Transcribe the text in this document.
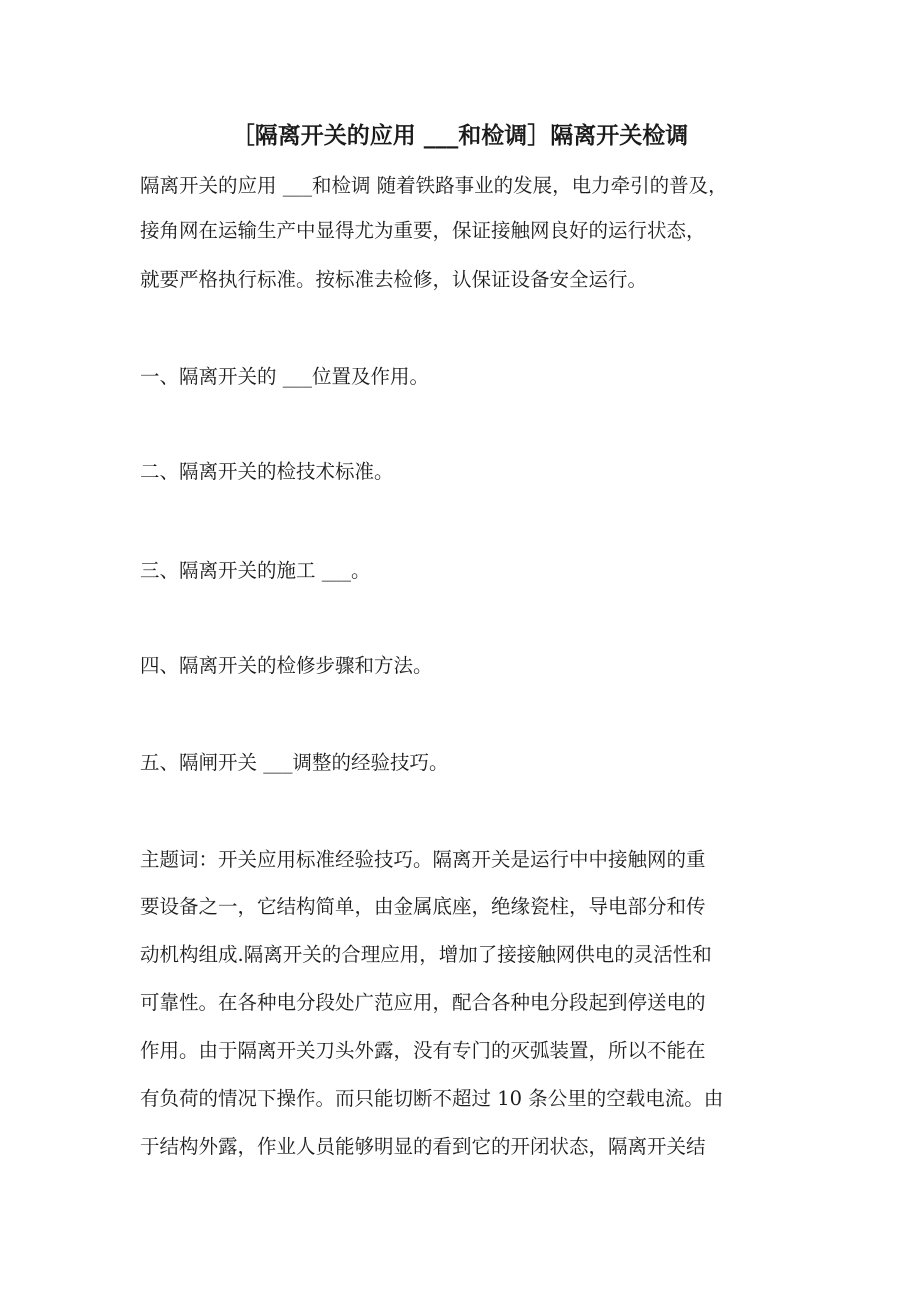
［隔离开关的应用 ___和检调］隔离开关检调
隔离开关的应用 ___和检调 随着铁路事业的发展，电力牵引的普及，
接角网在运输生产中显得尤为重要，保证接触网良好的运行状态，
就要严格执行标准。按标准去检修，认保证设备安全运行。
一、隔离开关的 ___位置及作用。
二、隔离开关的检技术标准。
三、隔离开关的施工 ___。
四、隔离开关的检修步骤和方法。
五、隔闸开关 ___调整的经验技巧。
主题词：开关应用标准经验技巧。隔离开关是运行中中接触网的重
要设备之一，它结构简单，由金属底座，绝缘瓷柱，导电部分和传
动机构组成.隔离开关的合理应用，增加了接接触网供电的灵活性和
可靠性。在各种电分段处广范应用，配合各种电分段起到停送电的
作用。由于隔离开关刀头外露，没有专门的灭弧装置，所以不能在
有负荷的情况下操作。而只能切断不超过 10 条公里的空载电流。由
于结构外露，作业人员能够明显的看到它的开闭状态，隔离开关结
